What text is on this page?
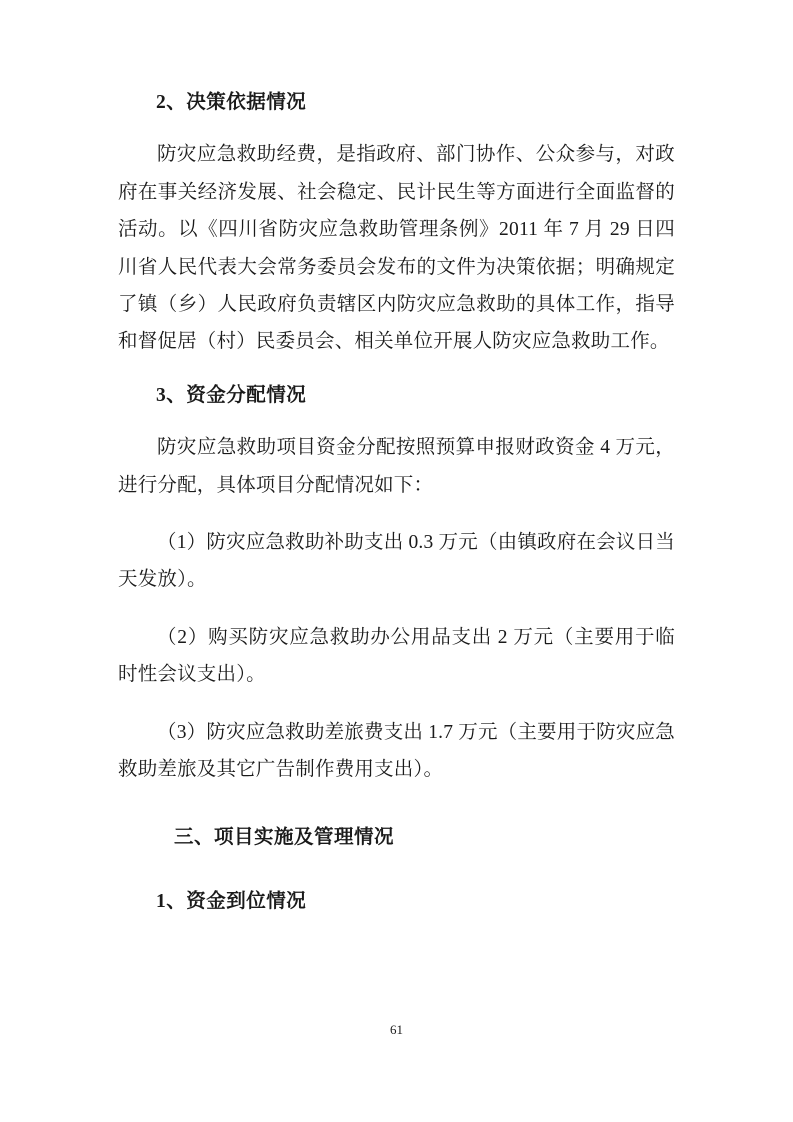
2、决策依据情况

防灾应急救助经费，是指政府、部门协作、公众参与，对政府在事关经济发展、社会稳定、民计民生等方面进行全面监督的活动。以《四川省防灾应急救助管理条例》2011 年 7 月 29 日四川省人民代表大会常务委员会发布的文件为决策依据；明确规定了镇（乡）人民政府负责辖区内防灾应急救助的具体工作，指导和督促居（村）民委员会、相关单位开展人防灾应急救助工作。

3、资金分配情况

防灾应急救助项目资金分配按照预算申报财政资金 4 万元，进行分配，具体项目分配情况如下：

（1）防灾应急救助补助支出 0.3 万元（由镇政府在会议日当天发放）。

（2）购买防灾应急救助办公用品支出 2 万元（主要用于临时性会议支出）。

（3）防灾应急救助差旅费支出 1.7 万元（主要用于防灾应急救助差旅及其它广告制作费用支出）。

三、项目实施及管理情况
1、资金到位情况
61
